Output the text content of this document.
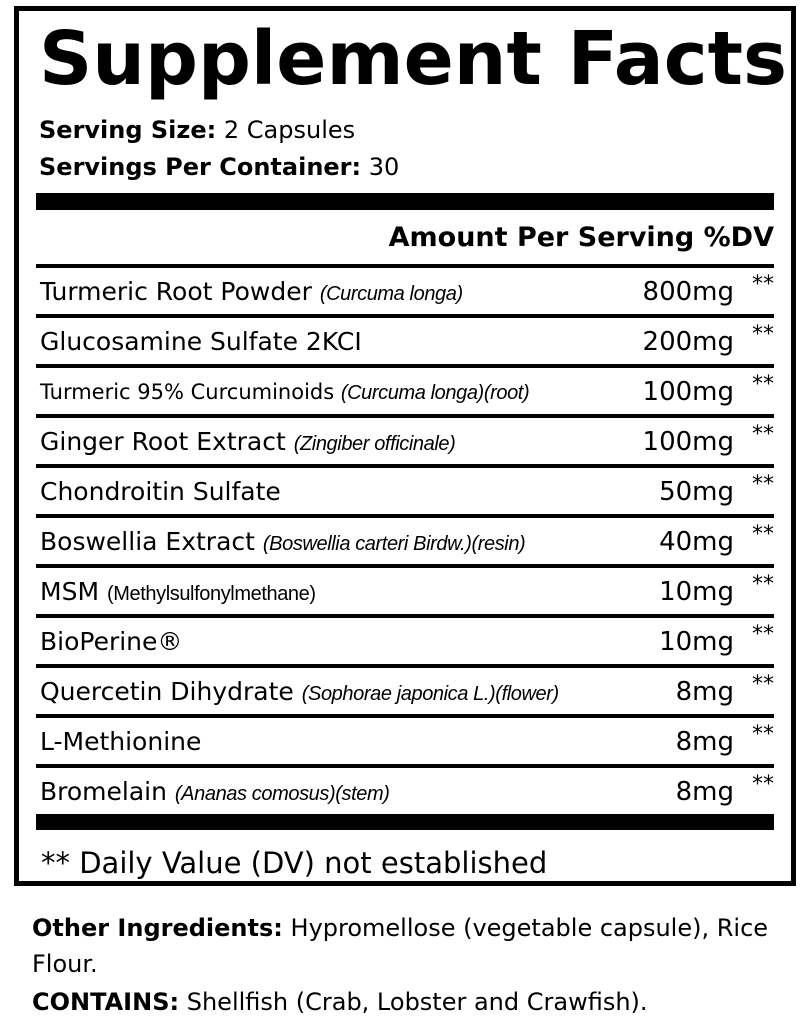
Supplement Facts
Serving Size: 2 Capsules
Servings Per Container: 30
Amount Per Serving %DV
Turmeric Root Powder (Curcuma longa)	800mg **
Glucosamine Sulfate 2KCI	200mg **
Turmeric 95% Curcuminoids (Curcuma longa)(root)	100mg **
Ginger Root Extract (Zingiber officinale)	100mg **
Chondroitin Sulfate	50mg **
Boswellia Extract (Boswellia carteri Birdw.)(resin)	40mg **
MSM (Methylsulfonylmethane)	10mg **
BioPerine®	10mg **
Quercetin Dihydrate (Sophorae japonica L.)(flower)	8mg **
L-Methionine	8mg **
Bromelain (Ananas comosus)(stem)	8mg **
** Daily Value (DV) not established
Other Ingredients: Hypromellose (vegetable capsule), Rice Flour.
CONTAINS: Shellfish (Crab, Lobster and Crawfish).
